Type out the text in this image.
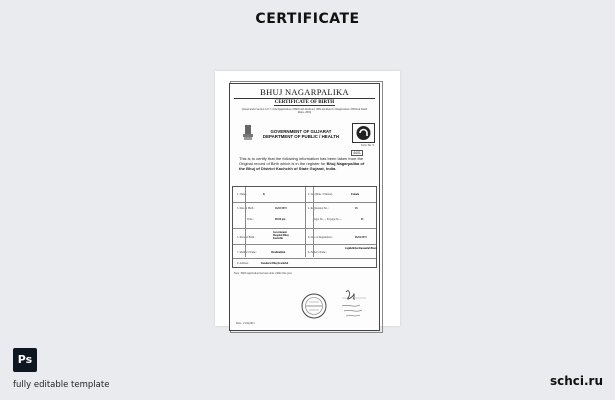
CERTIFICATE
BHUJ NAGARPALIKA
CERTIFICATE OF BIRTH
(Issued under Section 12/17 of the Registration of Birth and Death Act 1969 and Rule 8 of Registration of Birth & Death Rules, 2000)
GOVERNMENT OF GUJARAT
DEPARTMENT OF PUBLIC / HEALTH
Form No. 5
4401
This is to certify that the following information has been taken from the Original record of Birth which is in the register for Bhuj Nagarpalika of the Bhuj of District Kachchh of State Gujarat, India.
1. Name :	K	2. Sex (Male / Female) :	Female
3. Date of Birth :	16/03/1972	4. Registration No. :	45
Time :	08:00 pm	Regd. No. ... 04 page No. ...	01
5. Place of Birth :
Government Hospital Bhuj Kachchh	6. Date of Registration :	06/04/1972
7. Mother's Name :	Ibrahimbhai	8. Father's Name :
Jagdishbhai Ramanlal Bhatt
9. Address :	Kanderai Bhuj Kachchh
Note : Birth registration has been done within One year.
Date : 15/04/2015
Ps
fully editable template	schci.ru
